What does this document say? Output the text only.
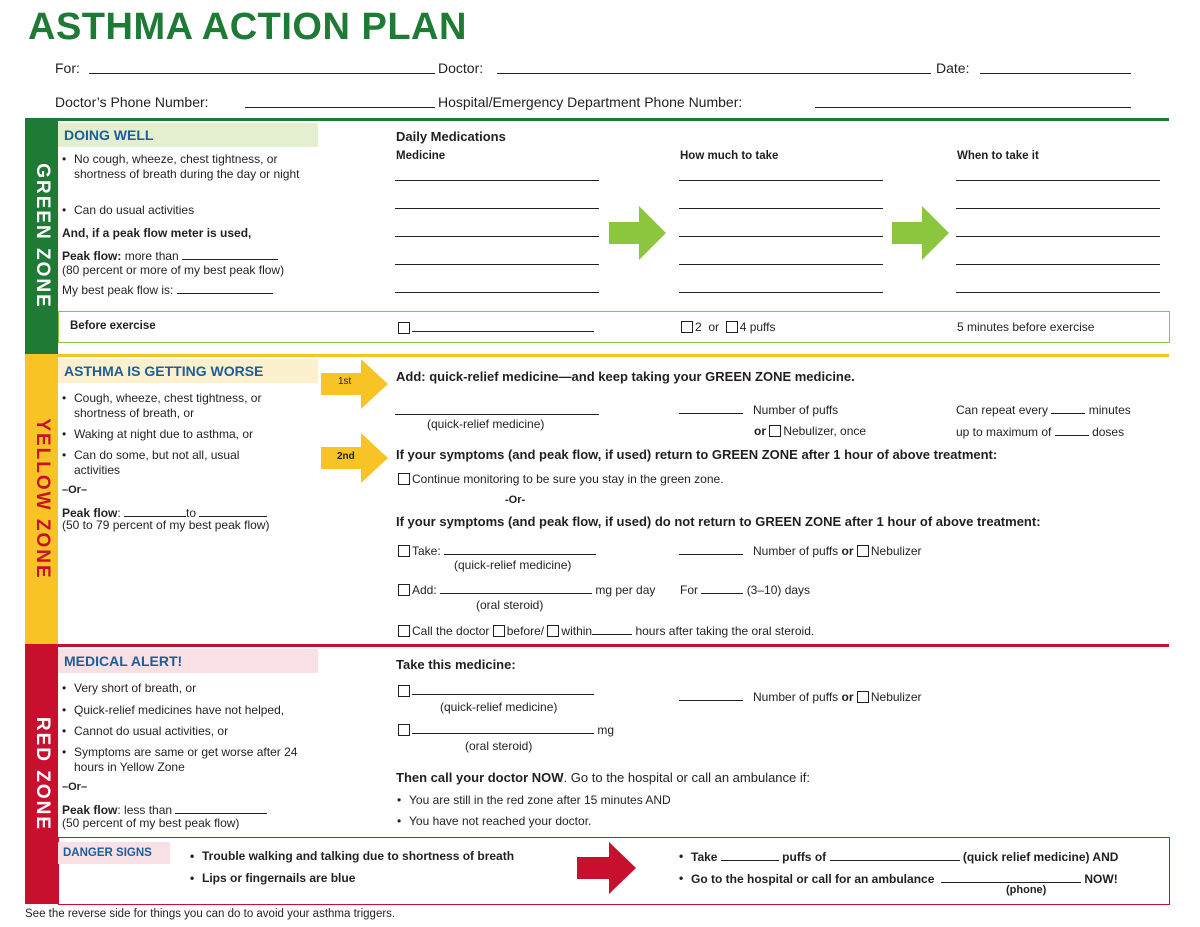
ASTHMA ACTION PLAN
For:	Doctor:	Date:
Doctor’s Phone Number:	Hospital/Emergency Department Phone Number:
GREEN ZONE
DOING WELL
• No cough, wheeze, chest tightness, or shortness of breath during the day or night
• Can do usual activities
And, if a peak flow meter is used,
Peak flow: more than
(80 percent or more of my best peak flow)
My best peak flow is:
Daily Medications
Medicine	How much to take	When to take it
Before exercise	2 or 4 puffs	5 minutes before exercise
YELLOW ZONE
ASTHMA IS GETTING WORSE
• Cough, wheeze, chest tightness, or shortness of breath, or
• Waking at night due to asthma, or
• Can do some, but not all, usual activities
–Or–
Peak flow:	to
(50 to 79 percent of my best peak flow)
1st
2nd
Add: quick-relief medicine—and keep taking your GREEN ZONE medicine.
(quick-relief medicine)
Number of puffs
or Nebulizer, once
Can repeat every	minutes
up to maximum of	doses
If your symptoms (and peak flow, if used) return to GREEN ZONE after 1 hour of above treatment:
Continue monitoring to be sure you stay in the green zone.
-Or-
If your symptoms (and peak flow, if used) do not return to GREEN ZONE after 1 hour of above treatment:
Take:
(quick-relief medicine)
Number of puffs or Nebulizer
Add:	mg per day
(oral steroid)
For	(3–10) days
Call the doctor before/ within	hours after taking the oral steroid.
RED ZONE
MEDICAL ALERT!
• Very short of breath, or
• Quick-relief medicines have not helped,
• Cannot do usual activities, or
• Symptoms are same or get worse after 24 hours in Yellow Zone
–Or–
Peak flow: less than
(50 percent of my best peak flow)
Take this medicine:
(quick-relief medicine)
Number of puffs or Nebulizer
mg
(oral steroid)
Then call your doctor NOW. Go to the hospital or call an ambulance if:
• You are still in the red zone after 15 minutes AND
• You have not reached your doctor.
DANGER SIGNS	• Trouble walking and talking due to shortness of breath
• Lips or fingernails are blue
• Take	puffs of	(quick relief medicine) AND
• Go to the hospital or call for an ambulance	NOW!
(phone)
See the reverse side for things you can do to avoid your asthma triggers.
